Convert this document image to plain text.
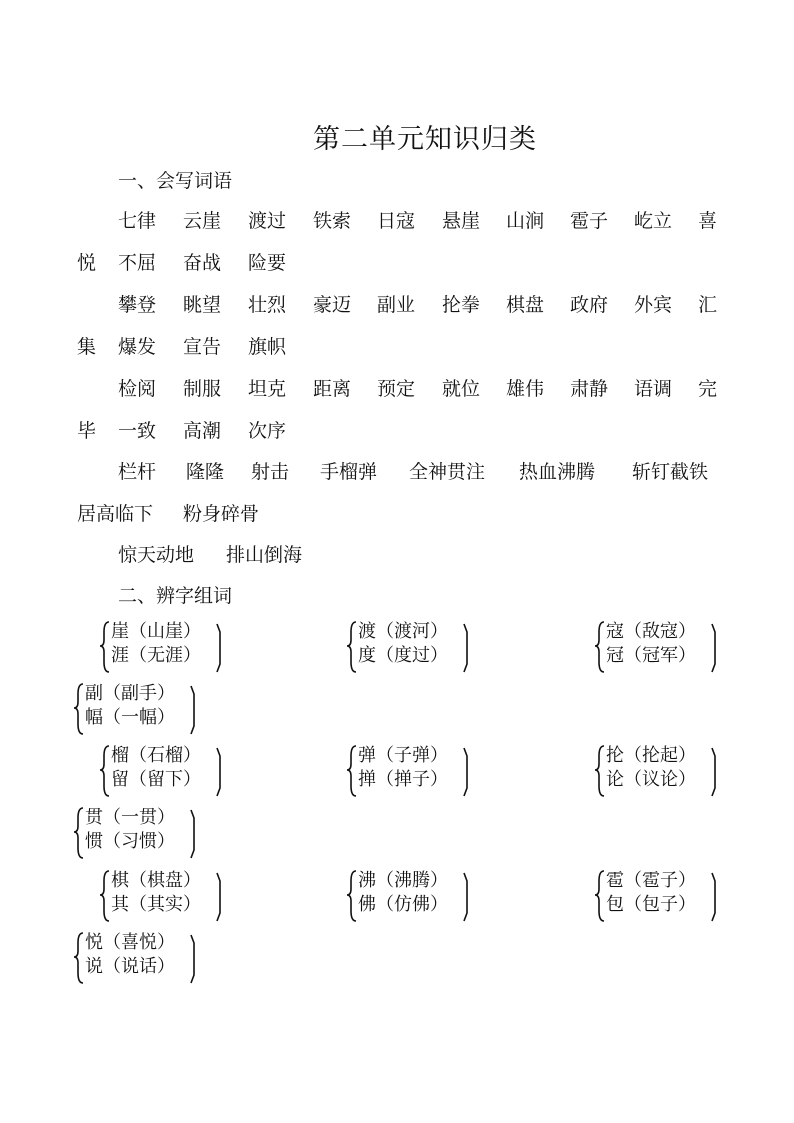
第二单元知识归类
一、会写词语
七律 云崖 渡过 铁索 日寇 悬崖 山涧 雹子 屹立 喜
悦 不屈 奋战 险要
攀登 眺望 壮烈 豪迈 副业 抡拳 棋盘 政府 外宾 汇
集 爆发 宣告 旗帜
检阅 制服 坦克 距离 预定 就位 雄伟 肃静 语调 完
毕 一致 高潮 次序
栏杆 隆隆 射击 手榴弹 全神贯注 热血沸腾 斩钉截铁
居高临下 粉身碎骨
惊天动地 排山倒海
二、辨字组词
崖（山崖）
涯（无涯）
渡（渡河）
度（度过）
寇（敌寇）
冠（冠军）
副（副手）
幅（一幅）
榴（石榴）
留（留下）
弹（子弹）
掸（掸子）
抡（抡起）
论（议论）
贯（一贯）
惯（习惯）
棋（棋盘）
其（其实）
沸（沸腾）
佛（仿佛）
雹（雹子）
包（包子）
悦（喜悦）
说（说话）
